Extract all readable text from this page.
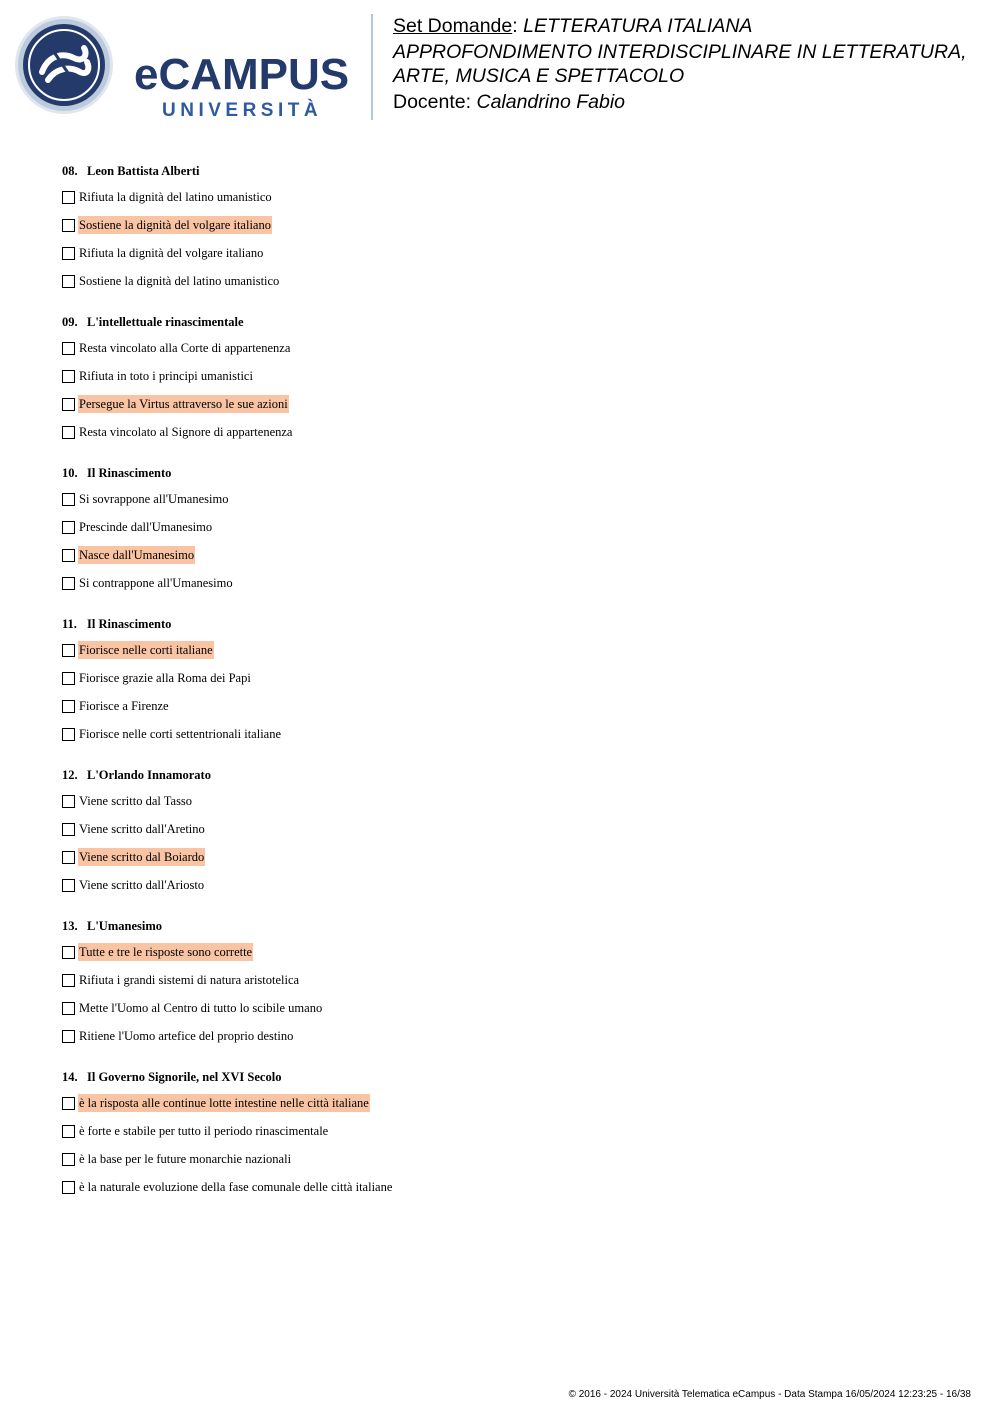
eCAMPUS
UNIVERSITÀ
Set Domande: LETTERATURA ITALIANA
APPROFONDIMENTO INTERDISCIPLINARE IN LETTERATURA,
ARTE, MUSICA E SPETTACOLO
Docente: Calandrino Fabio
08. Leon Battista Alberti
Rifiuta la dignità del latino umanistico
Sostiene la dignità del volgare italiano
Rifiuta la dignità del volgare italiano
Sostiene la dignità del latino umanistico
09. L'intellettuale rinascimentale
Resta vincolato alla Corte di appartenenza
Rifiuta in toto i principi umanistici
Persegue la Virtus attraverso le sue azioni
Resta vincolato al Signore di appartenenza
10. Il Rinascimento
Si sovrappone all'Umanesimo
Prescinde dall'Umanesimo
Nasce dall'Umanesimo
Si contrappone all'Umanesimo
11. Il Rinascimento
Fiorisce nelle corti italiane
Fiorisce grazie alla Roma dei Papi
Fiorisce a Firenze
Fiorisce nelle corti settentrionali italiane
12. L'Orlando Innamorato
Viene scritto dal Tasso
Viene scritto dall'Aretino
Viene scritto dal Boiardo
Viene scritto dall'Ariosto
13. L'Umanesimo
Tutte e tre le risposte sono corrette
Rifiuta i grandi sistemi di natura aristotelica
Mette l'Uomo al Centro di tutto lo scibile umano
Ritiene l'Uomo artefice del proprio destino
14. Il Governo Signorile, nel XVI Secolo
è la risposta alle continue lotte intestine nelle città italiane
è forte e stabile per tutto il periodo rinascimentale
è la base per le future monarchie nazionali
è la naturale evoluzione della fase comunale delle città italiane
© 2016 - 2024 Università Telematica eCampus - Data Stampa 16/05/2024 12:23:25 - 16/38
